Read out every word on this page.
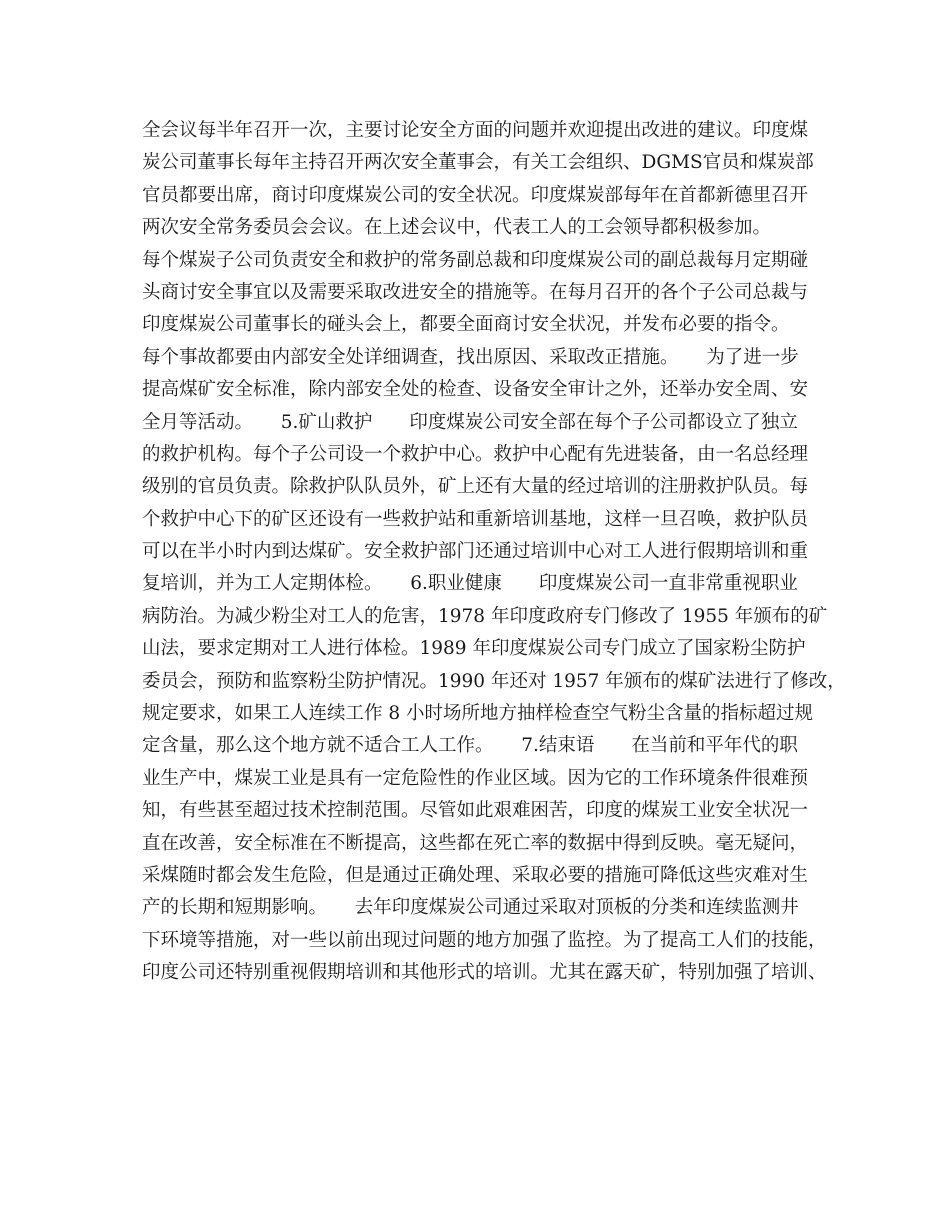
全会议每半年召开一次，主要讨论安全方面的问题并欢迎提出改进的建议。印度煤
炭公司董事长每年主持召开两次安全董事会，有关工会组织、DGMS官员和煤炭部
官员都要出席，商讨印度煤炭公司的安全状况。印度煤炭部每年在首都新德里召开
两次安全常务委员会会议。在上述会议中，代表工人的工会领导都积极参加。
每个煤炭子公司负责安全和救护的常务副总裁和印度煤炭公司的副总裁每月定期碰
头商讨安全事宜以及需要采取改进安全的措施等。在每月召开的各个子公司总裁与
印度煤炭公司董事长的碰头会上，都要全面商讨安全状况，并发布必要的指令。
每个事故都要由内部安全处详细调查，找出原因、采取改正措施。　　为了进一步
提高煤矿安全标准，除内部安全处的检查、设备安全审计之外，还举办安全周、安
全月等活动。　　5.矿山救护　　印度煤炭公司安全部在每个子公司都设立了独立
的救护机构。每个子公司设一个救护中心。救护中心配有先进装备，由一名总经理
级别的官员负责。除救护队队员外，矿上还有大量的经过培训的注册救护队员。每
个救护中心下的矿区还设有一些救护站和重新培训基地，这样一旦召唤，救护队员
可以在半小时内到达煤矿。安全救护部门还通过培训中心对工人进行假期培训和重
复培训，并为工人定期体检。　　6.职业健康　　印度煤炭公司一直非常重视职业
病防治。为减少粉尘对工人的危害，1978 年印度政府专门修改了 1955 年颁布的矿
山法，要求定期对工人进行体检。1989 年印度煤炭公司专门成立了国家粉尘防护
委员会，预防和监察粉尘防护情况。1990 年还对 1957 年颁布的煤矿法进行了修改，
规定要求，如果工人连续工作 8 小时场所地方抽样检查空气粉尘含量的指标超过规
定含量，那么这个地方就不适合工人工作。　　7.结束语　　在当前和平年代的职
业生产中，煤炭工业是具有一定危险性的作业区域。因为它的工作环境条件很难预
知，有些甚至超过技术控制范围。尽管如此艰难困苦，印度的煤炭工业安全状况一
直在改善，安全标准在不断提高，这些都在死亡率的数据中得到反映。毫无疑问，
采煤随时都会发生危险，但是通过正确处理、采取必要的措施可降低这些灾难对生
产的长期和短期影响。　　去年印度煤炭公司通过采取对顶板的分类和连续监测井
下环境等措施，对一些以前出现过问题的地方加强了监控。为了提高工人们的技能，
印度公司还特别重视假期培训和其他形式的培训。尤其在露天矿，特别加强了培训、
